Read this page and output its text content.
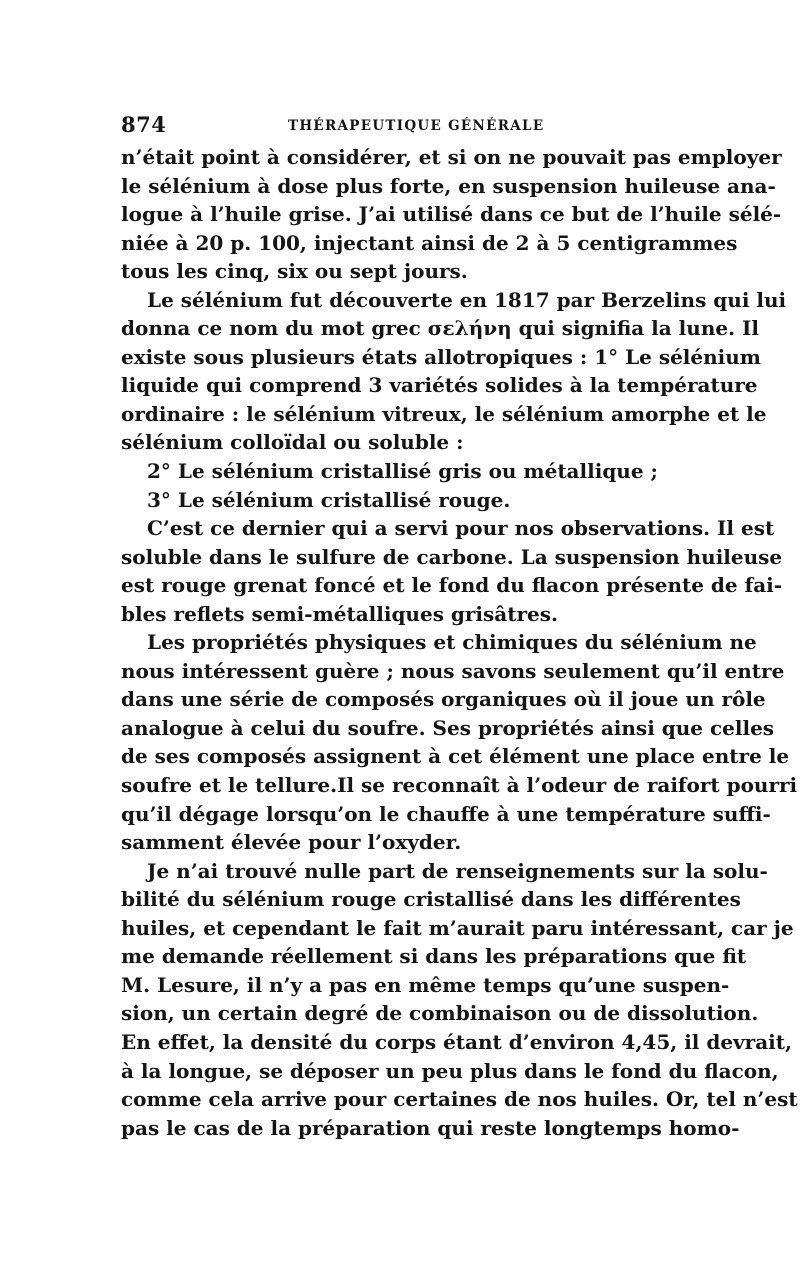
874	THÉRAPEUTIQUE GÉNÉRALE
n’était point à considérer, et si on ne pouvait pas employer
le sélénium à dose plus forte, en suspension huileuse ana-
logue à l’huile grise. J’ai utilisé dans ce but de l’huile sélé-
niée à 20 p. 100, injectant ainsi de 2 à 5 centigrammes
tous les cinq, six ou sept jours.
Le sélénium fut découverte en 1817 par Berzelins qui lui
donna ce nom du mot grec σελήνη qui signifia la lune. Il
existe sous plusieurs états allotropiques : 1° Le sélénium
liquide qui comprend 3 variétés solides à la température
ordinaire : le sélénium vitreux, le sélénium amorphe et le
sélénium colloïdal ou soluble :
2° Le sélénium cristallisé gris ou métallique ;
3° Le sélénium cristallisé rouge.
C’est ce dernier qui a servi pour nos observations. Il est
soluble dans le sulfure de carbone. La suspension huileuse
est rouge grenat foncé et le fond du flacon présente de fai-
bles reflets semi-métalliques grisâtres.
Les propriétés physiques et chimiques du sélénium ne
nous intéressent guère ; nous savons seulement qu’il entre
dans une série de composés organiques où il joue un rôle
analogue à celui du soufre. Ses propriétés ainsi que celles
de ses composés assignent à cet élément une place entre le
soufre et le tellure.Il se reconnaît à l’odeur de raifort pourri
qu’il dégage lorsqu’on le chauffe à une température suffi-
samment élevée pour l’oxyder.
Je n’ai trouvé nulle part de renseignements sur la solu-
bilité du sélénium rouge cristallisé dans les différentes
huiles, et cependant le fait m’aurait paru intéressant, car je
me demande réellement si dans les préparations que fit
M. Lesure, il n’y a pas en même temps qu’une suspen-
sion, un certain degré de combinaison ou de dissolution.
En effet, la densité du corps étant d’environ 4,45, il devrait,
à la longue, se déposer un peu plus dans le fond du flacon,
comme cela arrive pour certaines de nos huiles. Or, tel n’est
pas le cas de la préparation qui reste longtemps homo-
